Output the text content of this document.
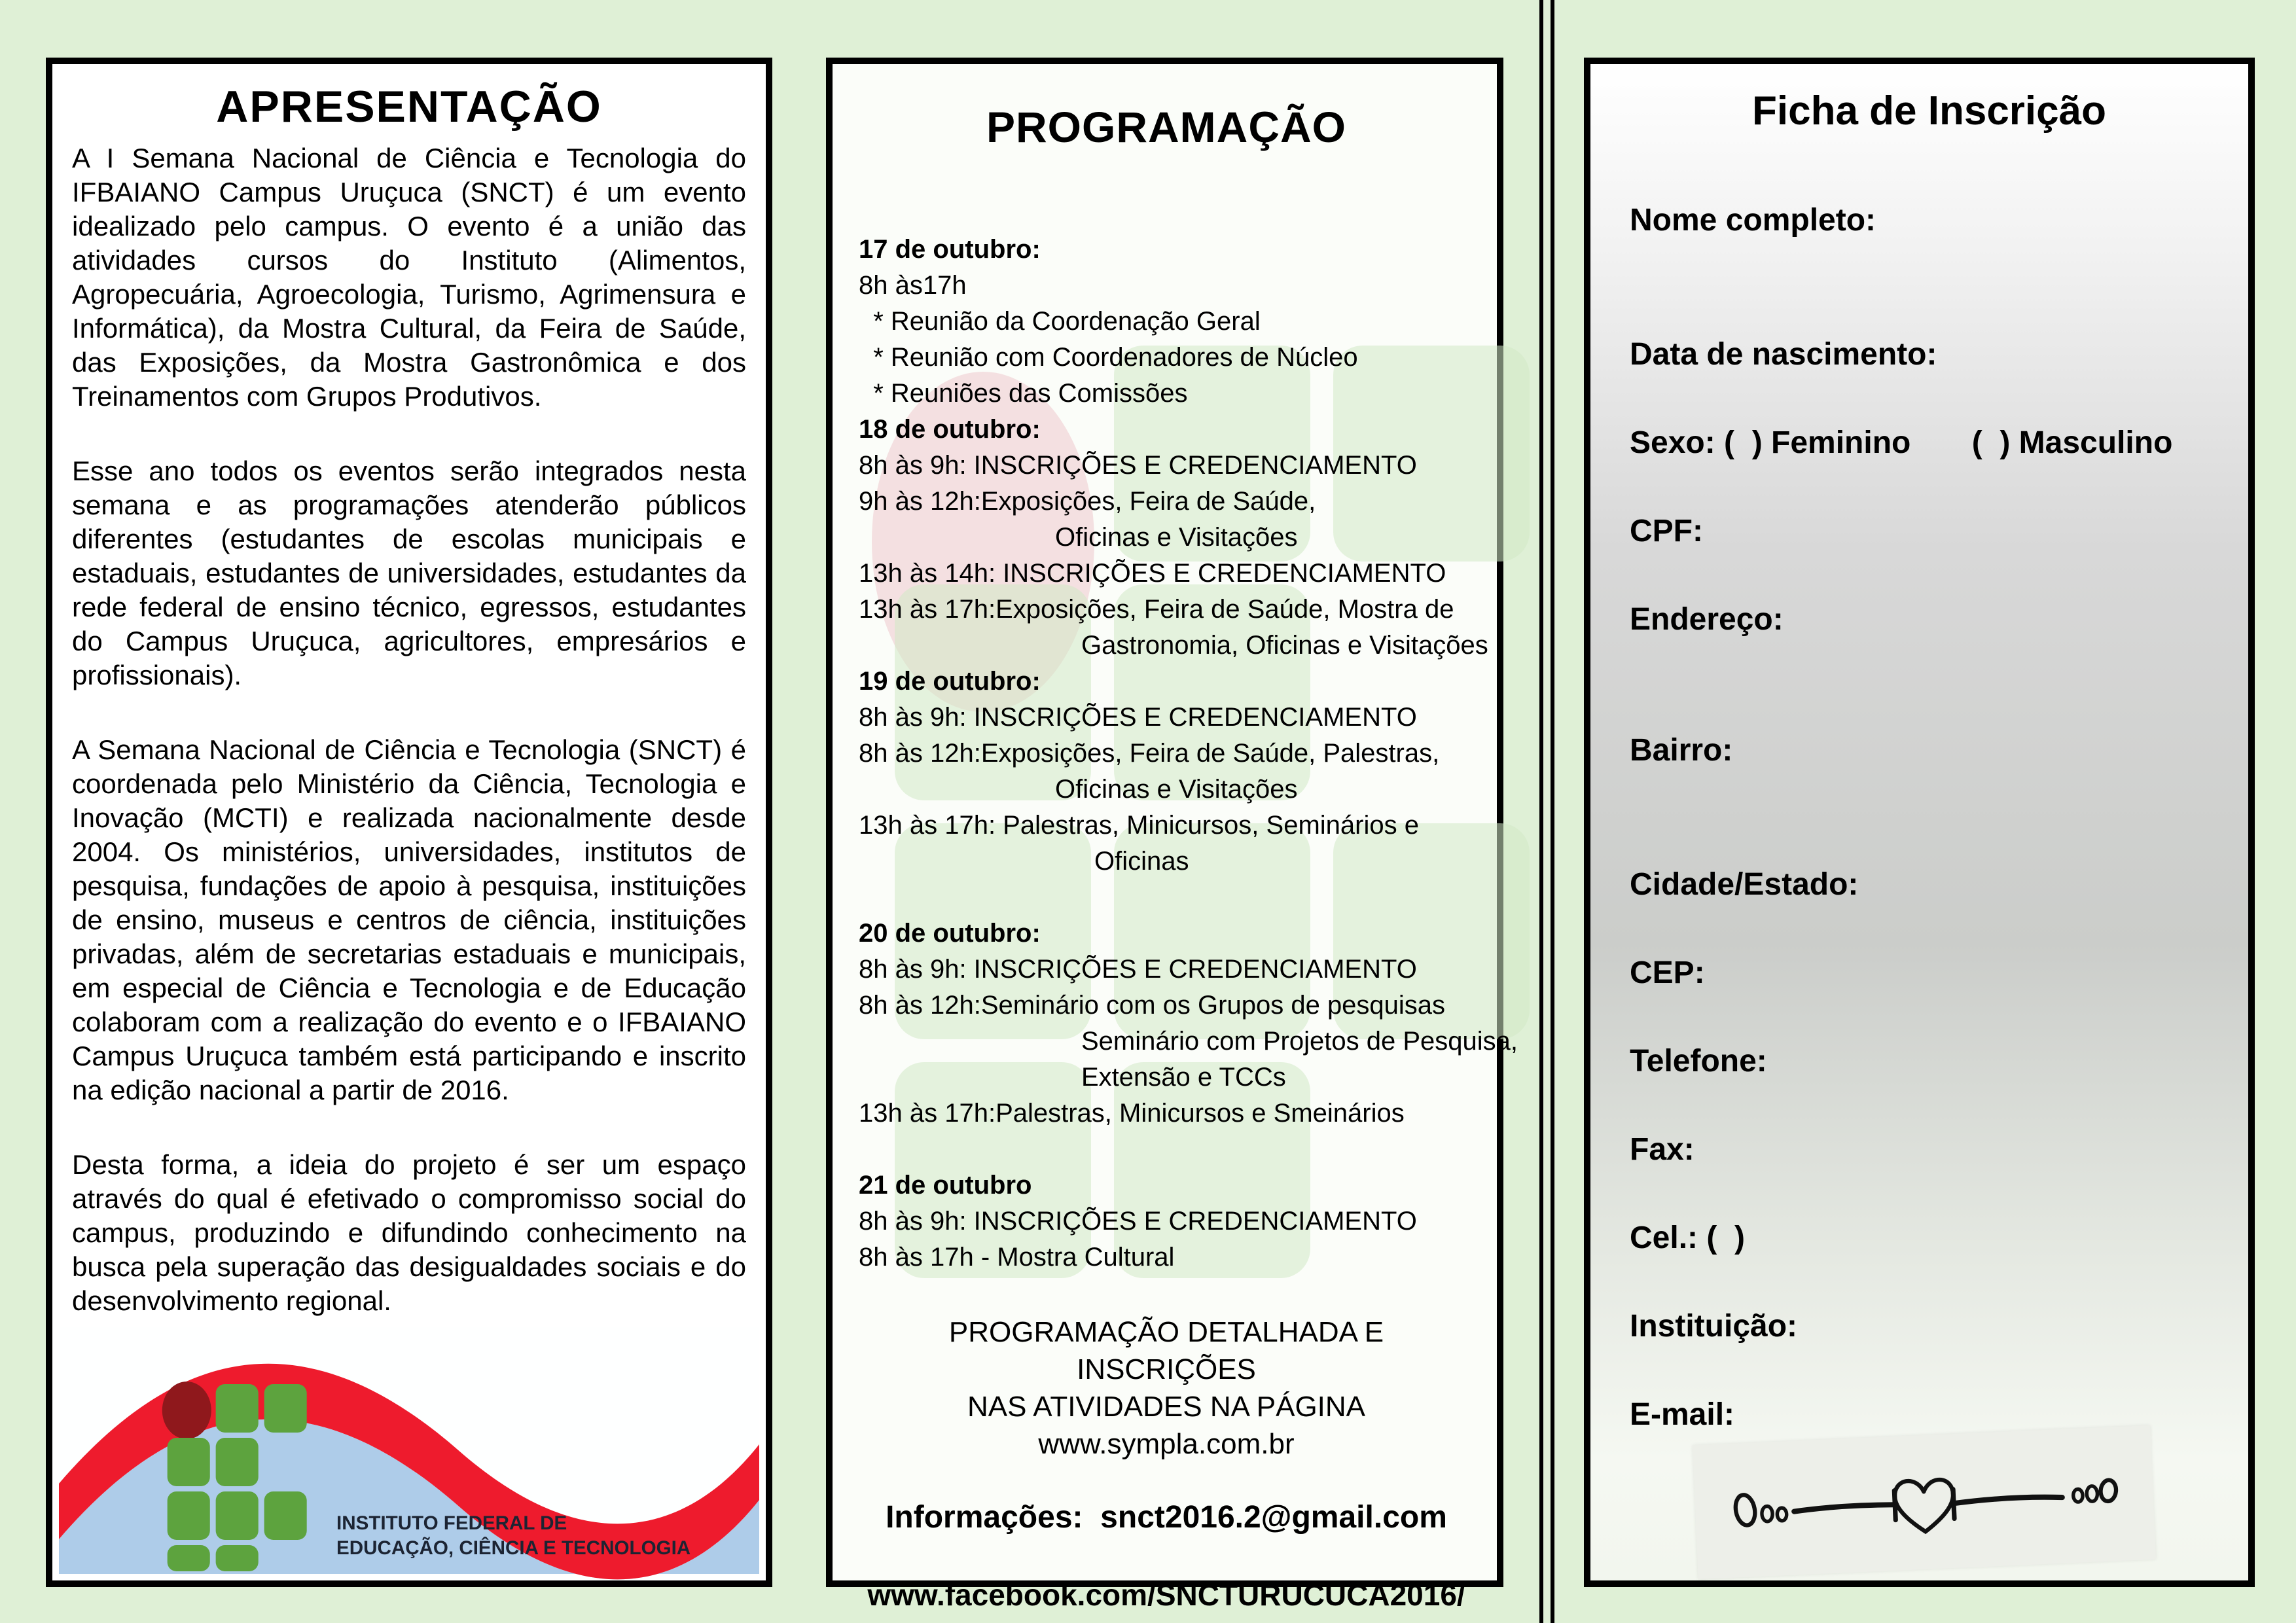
APRESENTAÇÃO

A I Semana Nacional de Ciência e Tecnologia do IFBAIANO Campus Uruçuca (SNCT) é um evento idealizado pelo campus. O evento é a união das atividades cursos do Instituto (Alimentos, Agropecuária, Agroecologia, Turismo, Agrimensura e Informática), da Mostra Cultural, da Feira de Saúde, das Exposições, da Mostra Gastronômica e dos Treinamentos com Grupos Produtivos.

Esse ano todos os eventos serão integrados nesta semana e as programações atenderão públicos diferentes (estudantes de escolas municipais e estaduais, estudantes de universidades, estudantes da rede federal de ensino técnico, egressos, estudantes do Campus Uruçuca, agricultores, empresários e profissionais).

A Semana Nacional de Ciência e Tecnologia (SNCT) é coordenada pelo Ministério da Ciência, Tecnologia e Inovação (MCTI) e realizada nacionalmente desde 2004. Os ministérios, universidades, institutos de pesquisa, fundações de apoio à pesquisa, instituições de ensino, museus e centros de ciência, instituições privadas, além de secretarias estaduais e municipais, em especial de Ciência e Tecnologia e de Educação colaboram com a realização do evento e o IFBAIANO Campus Uruçuca também está participando e inscrito na edição nacional a partir de 2016.

Desta forma, a ideia do projeto é ser um espaço através do qual é efetivado o compromisso social do campus, produzindo e difundindo conhecimento na busca pela superação das desigualdades sociais e do desenvolvimento regional.

INSTITUTO FEDERAL DE
EDUCAÇÃO, CIÊNCIA E TECNOLOGIA
PROGRAMAÇÃO
17 de outubro:
8h às17h
* Reunião da Coordenação Geral
* Reunião com Coordenadores de Núcleo
* Reuniões das Comissões
18 de outubro:
8h às 9h: INSCRIÇÕES E CREDENCIAMENTO
9h às 12h:Exposições, Feira de Saúde,
Oficinas e Visitações
13h às 14h: INSCRIÇÕES E CREDENCIAMENTO
13h às 17h:Exposições, Feira de Saúde, Mostra de
Gastronomia, Oficinas e Visitações
19 de outubro:
8h às 9h: INSCRIÇÕES E CREDENCIAMENTO
8h às 12h:Exposições, Feira de Saúde, Palestras,
Oficinas e Visitações
13h às 17h: Palestras, Minicursos, Seminários e
Oficinas
20 de outubro:
8h às 9h: INSCRIÇÕES E CREDENCIAMENTO
8h às 12h:Seminário com os Grupos de pesquisas
Seminário com Projetos de Pesquisa,
Extensão e TCCs
13h às 17h:Palestras, Minicursos e Smeinários
21 de outubro
8h às 9h: INSCRIÇÕES E CREDENCIAMENTO
8h às 17h - Mostra Cultural
PROGRAMAÇÃO DETALHADA E INSCRIÇÕES
NAS ATIVIDADES NA PÁGINA
www.sympla.com.br
Informações:  snct2016.2@gmail.com
www.facebook.com/SNCTURUCUCA2016/
Ficha de Inscrição
Nome completo:
Data de nascimento:
Sexo: (  ) Feminino       (  ) Masculino
CPF:
Endereço:
Bairro:
Cidade/Estado:
CEP:
Telefone:
Fax:
Cel.: (  )
Instituição:
E-mail:
